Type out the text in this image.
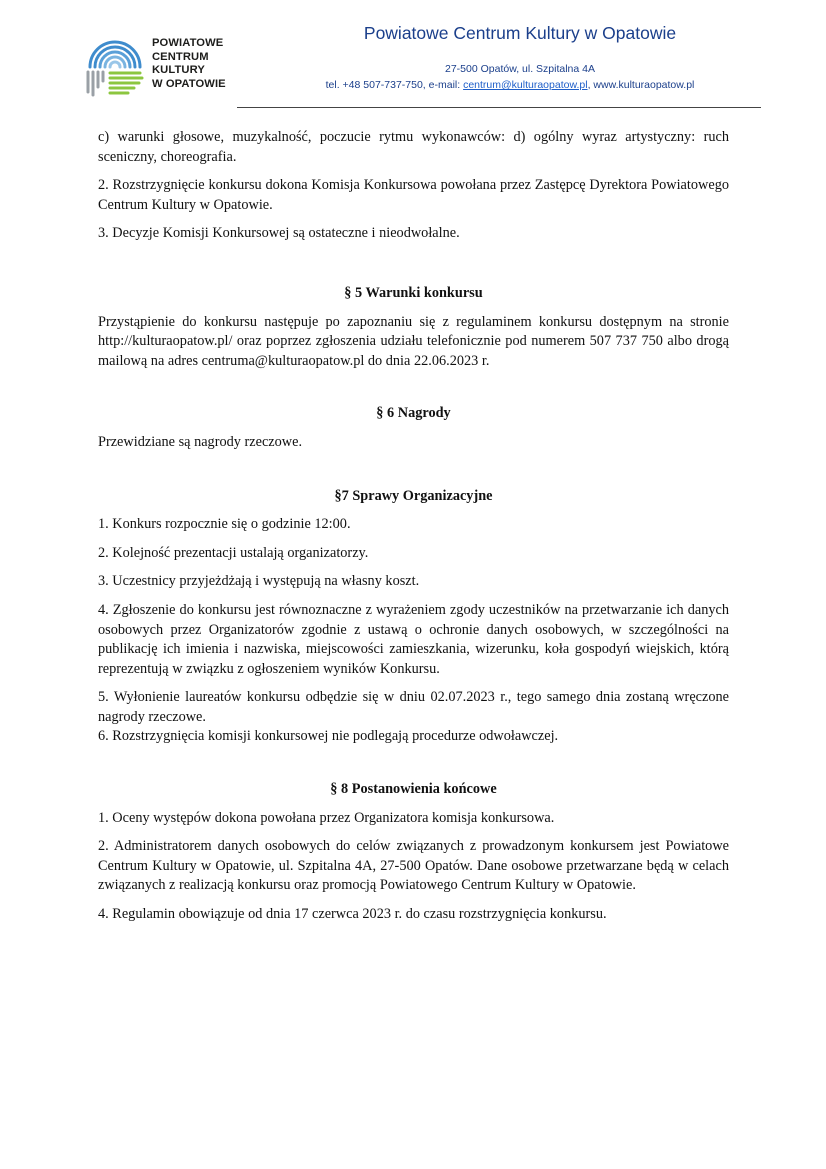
POWIATOWE
CENTRUM
KULTURY
W OPATOWIE
Powiatowe Centrum Kultury w Opatowie
27-500 Opatów, ul. Szpitalna 4A
tel. +48 507-737-750, e-mail: centrum@kulturaopatow.pl, www.kulturaopatow.pl

c) warunki głosowe, muzykalność, poczucie rytmu wykonawców: d) ogólny wyraz artystyczny: ruch sceniczny, choreografia.

2. Rozstrzygnięcie konkursu dokona Komisja Konkursowa powołana przez Zastępcę Dyrektora Powiatowego Centrum Kultury w Opatowie.

3. Decyzje Komisji Konkursowej są ostateczne i nieodwołalne.

§ 5 Warunki konkursu

Przystąpienie do konkursu następuje po zapoznaniu się z regulaminem konkursu dostępnym na stronie http://kulturaopatow.pl/ oraz poprzez zgłoszenia udziału telefonicznie pod numerem 507 737 750 albo drogą mailową na adres centruma@kulturaopatow.pl do dnia 22.06.2023 r.

§ 6 Nagrody

Przewidziane są nagrody rzeczowe.

§7 Sprawy Organizacyjne

1. Konkurs rozpocznie się o godzinie 12:00.

2. Kolejność prezentacji ustalają organizatorzy.

3. Uczestnicy przyjeżdżają i występują na własny koszt.

4. Zgłoszenie do konkursu jest równoznaczne z wyrażeniem zgody uczestników na przetwarzanie ich danych osobowych przez Organizatorów zgodnie z ustawą o ochronie danych osobowych, w szczególności na publikację ich imienia i nazwiska, miejscowości zamieszkania, wizerunku, koła gospodyń wiejskich, którą reprezentują w związku z ogłoszeniem wyników Konkursu.

5. Wyłonienie laureatów konkursu odbędzie się w dniu 02.07.2023 r., tego samego dnia zostaną wręczone nagrody rzeczowe.

6. Rozstrzygnięcia komisji konkursowej nie podlegają procedurze odwoławczej.

§ 8 Postanowienia końcowe

1. Oceny występów dokona powołana przez Organizatora komisja konkursowa.

2. Administratorem danych osobowych do celów związanych z prowadzonym konkursem jest Powiatowe Centrum Kultury w Opatowie, ul. Szpitalna 4A, 27-500 Opatów. Dane osobowe przetwarzane będą w celach związanych z realizacją konkursu oraz promocją Powiatowego Centrum Kultury w Opatowie.

4. Regulamin obowiązuje od dnia 17 czerwca 2023 r. do czasu rozstrzygnięcia konkursu.
